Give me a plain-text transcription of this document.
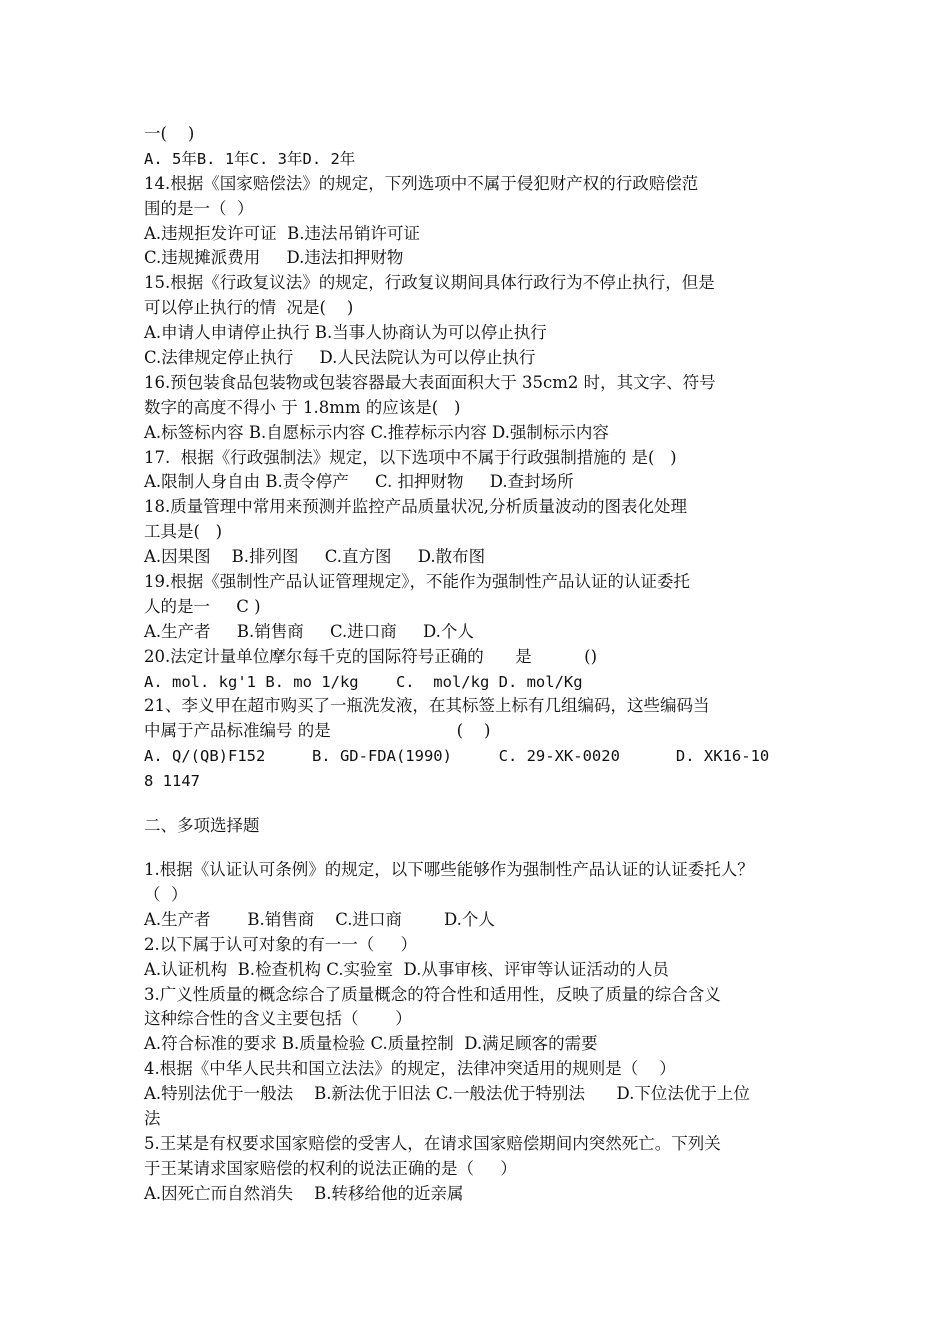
一(    )
A. 5年B. 1年C. 3年D. 2年
14.根据《国家赔偿法》的规定，下列选项中不属于侵犯财产权的行政赔偿范
围的是一（  ）
A.违规拒发许可证  B.违法吊销许可证
C.违规摊派费用     D.违法扣押财物
15.根据《行政复议法》的规定，行政复议期间具体行政行为不停止执行，但是
可以停止执行的情  况是(    )
A.申请人申请停止执行 B.当事人协商认为可以停止执行
C.法律规定停止执行     D.人民法院认为可以停止执行
16.预包装食品包装物或包装容器最大表面面积大于 35cm2 时，其文字、符号
数字的高度不得小 于 1.8mm 的应该是(   )
A.标签标内容 B.自愿标示内容 C.推荐标示内容 D.强制标示内容
17.  根据《行政强制法》规定，以下选项中不属于行政强制措施的 是(   )
A.限制人身自由 B.责令停产     C. 扣押财物     D.查封场所
18.质量管理中常用来预测并监控产品质量状况,分析质量波动的图表化处理
工具是(   )
A.因果图    B.排列图     C.直方图     D.散布图
19.根据《强制性产品认证管理规定》，不能作为强制性产品认证的认证委托
人的是一     C )
A.生产者     B.销售商     C.进口商     D.个人
20.法定计量单位摩尔每千克的国际符号正确的      是          ()
A. mol. kg'1 B. mo 1/kg    C.  mol/kg D. mol/Kg
21、李义甲在超市购买了一瓶洗发液，在其标签上标有几组编码，这些编码当
中属于产品标准编号 的是                        (    )
A. Q/(QB)F152     B. GD-FDA(1990)     C. 29-XK-0020      D. XK16-10
8 1147
二、多项选择题
1.根据《认证认可条例》的规定，以下哪些能够作为强制性产品认证的认证委托人？
（  ）
A.生产者       B.销售商    C.进口商        D.个人
2.以下属于认可对象的有一一（     ）
A.认证机构  B.检查机构 C.实验室  D.从事审核、评审等认证活动的人员
3.广义性质量的概念综合了质量概念的符合性和适用性，反映了质量的综合含义
这种综合性的含义主要包括（       ）
A.符合标准的要求 B.质量检验 C.质量控制  D.满足顾客的需要
4.根据《中华人民共和国立法法》的规定，法律冲突适用的规则是（    ）
A.特别法优于一般法    B.新法优于旧法 C.一般法优于特别法      D.下位法优于上位
法
5.王某是有权要求国家赔偿的受害人，在请求国家赔偿期间内突然死亡。下列关
于王某请求国家赔偿的权利的说法正确的是（     ）
A.因死亡而自然消失    B.转移给他的近亲属
